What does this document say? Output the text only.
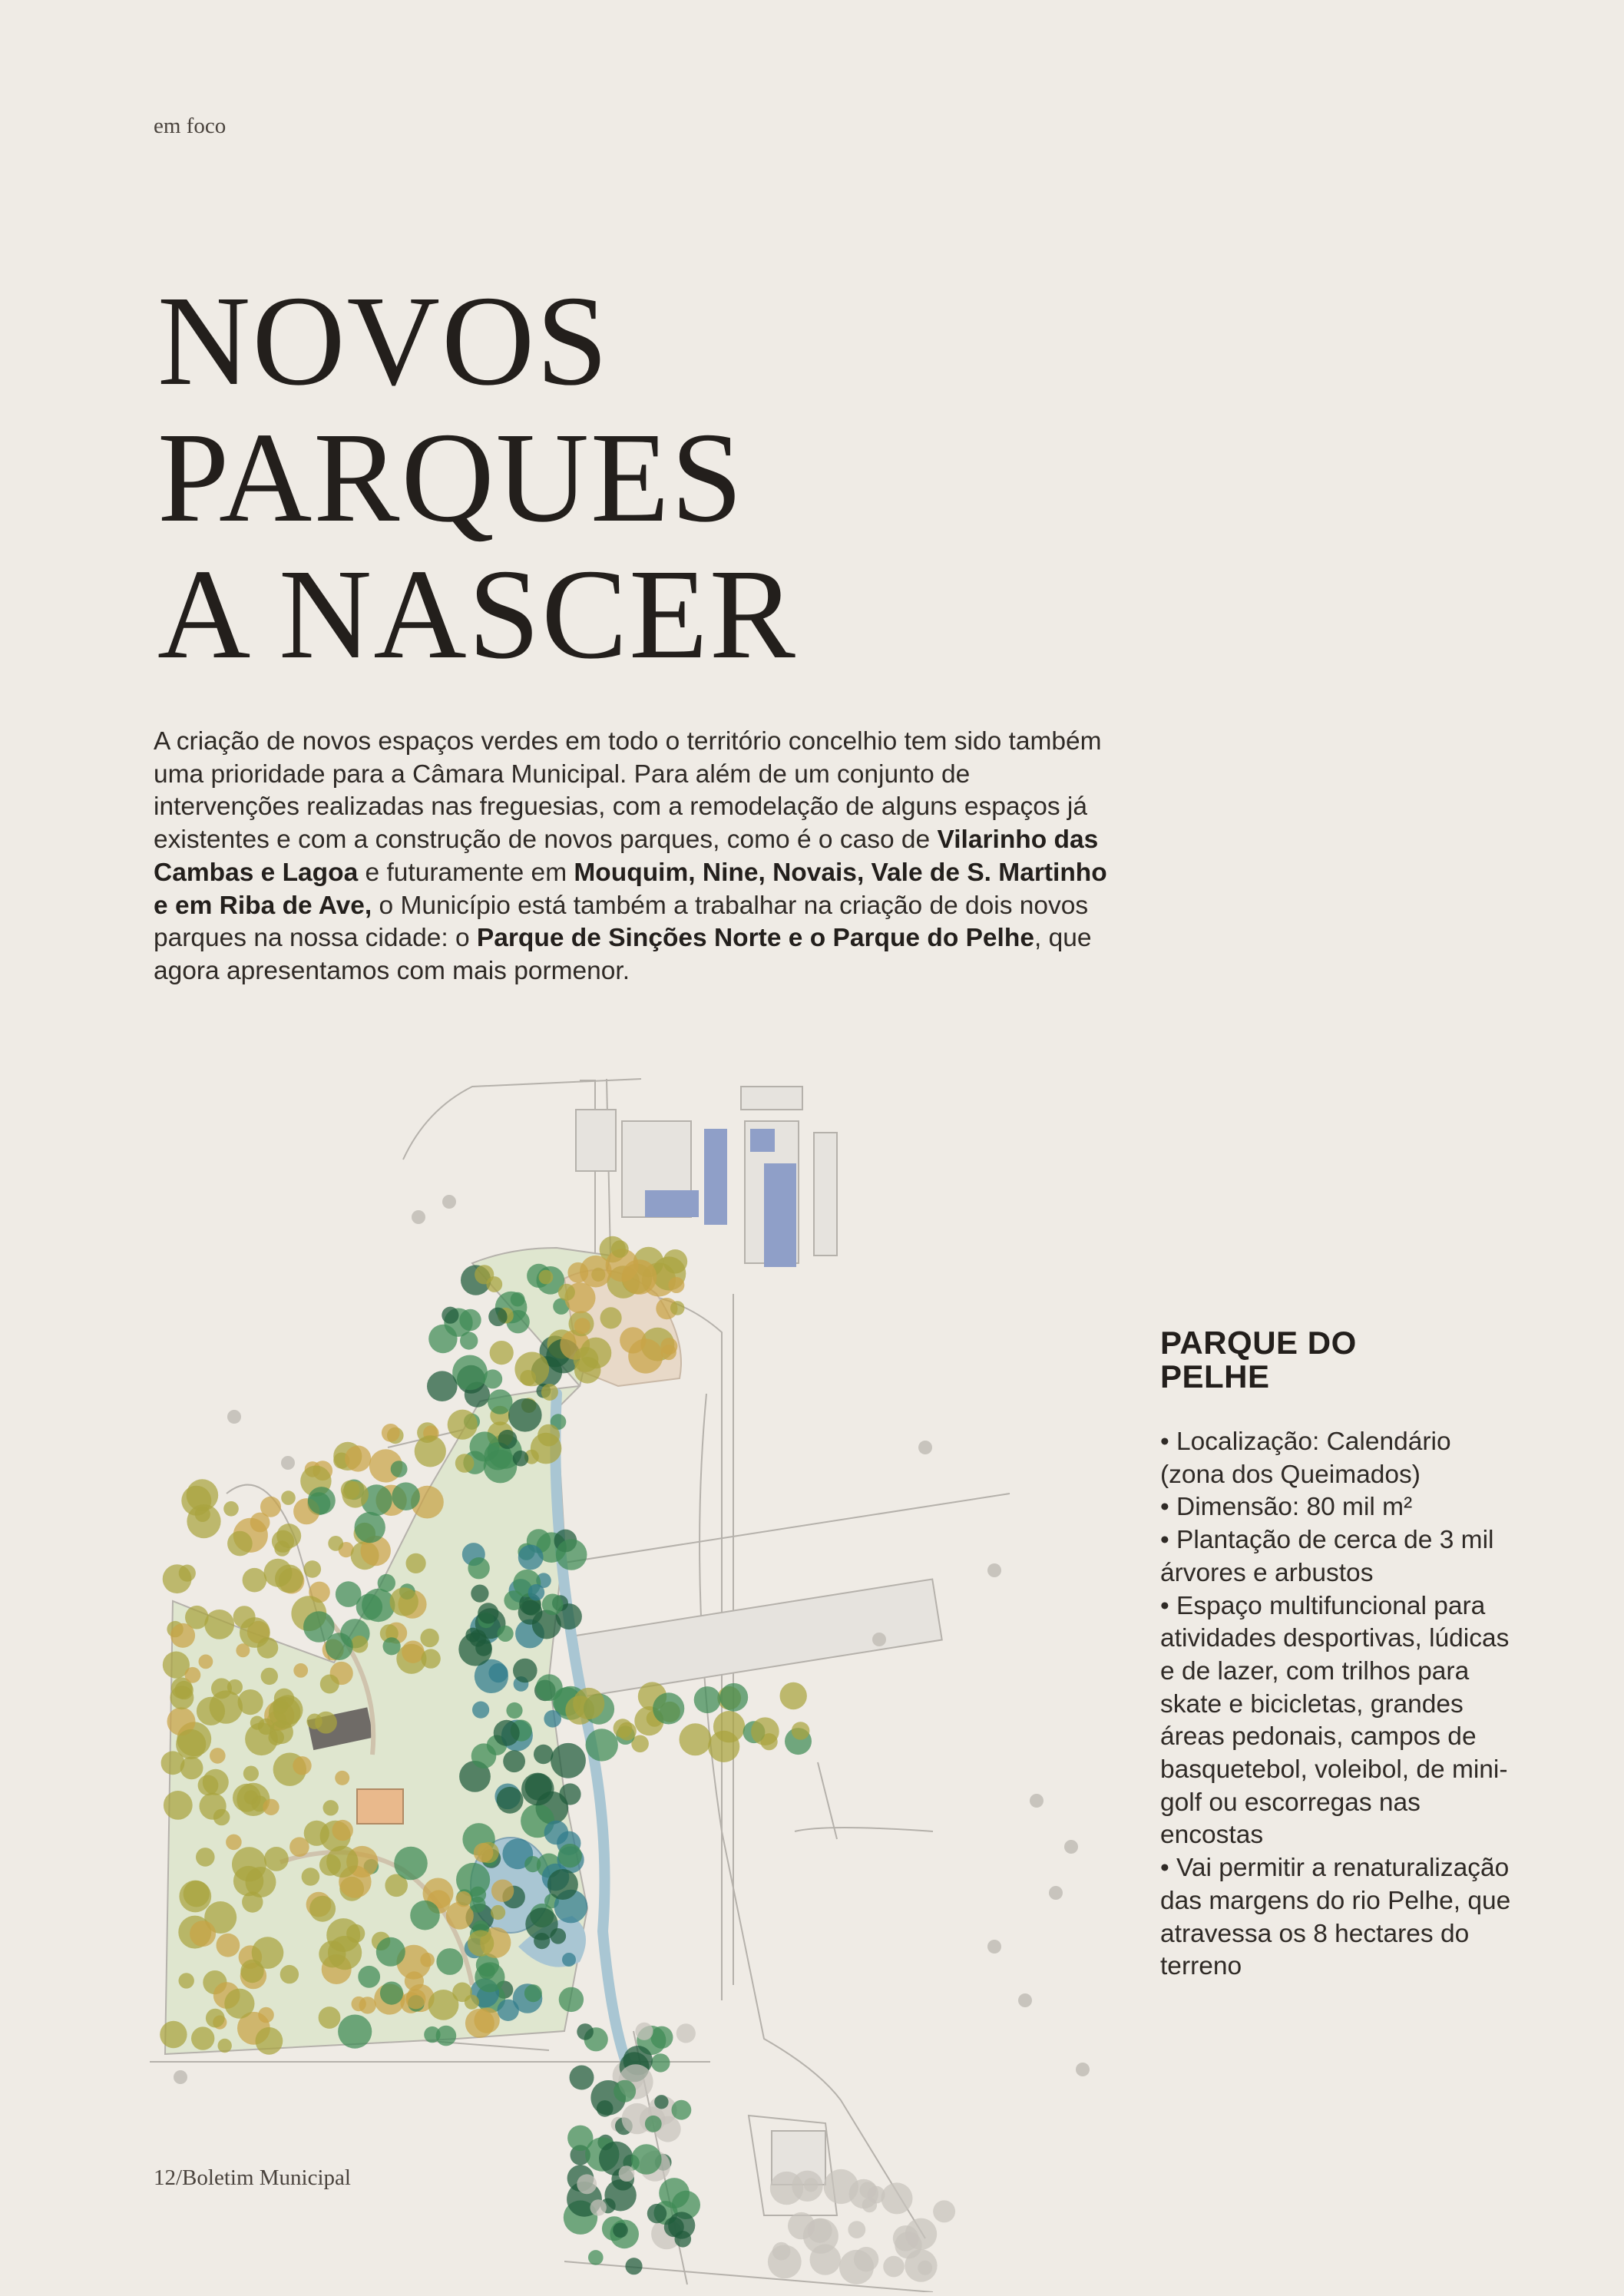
em foco

NOVOS
PARQUES
A NASCER

A criação de novos espaços verdes em todo o território concelhio tem sido também uma prioridade para a Câmara Municipal. Para além de um conjunto de intervenções realizadas nas freguesias, com a remodelação de alguns espaços já existentes e com a construção de novos parques, como é o caso de Vilarinho das Cambas e Lagoa e futuramente em Mouquim, Nine, Novais, Vale de S. Martinho e em Riba de Ave, o Município está também a trabalhar na criação de dois novos parques na nossa cidade: o Parque de Sinções Norte e o Parque do Pelhe, que agora apresentamos com mais pormenor.

PARQUE DO
PELHE
• Localização: Calendário (zona dos Queimados)
• Dimensão: 80 mil m²
• Plantação de cerca de 3 mil árvores e arbustos
• Espaço multifuncional para atividades desportivas, lúdicas e de lazer, com trilhos para skate e bicicletas, grandes áreas pedonais, campos de basquetebol, voleibol, de mini-golf ou escorregas nas encostas
• Vai permitir a renaturalização das margens do rio Pelhe, que atravessa os 8 hectares do terreno

12/Boletim Municipal
